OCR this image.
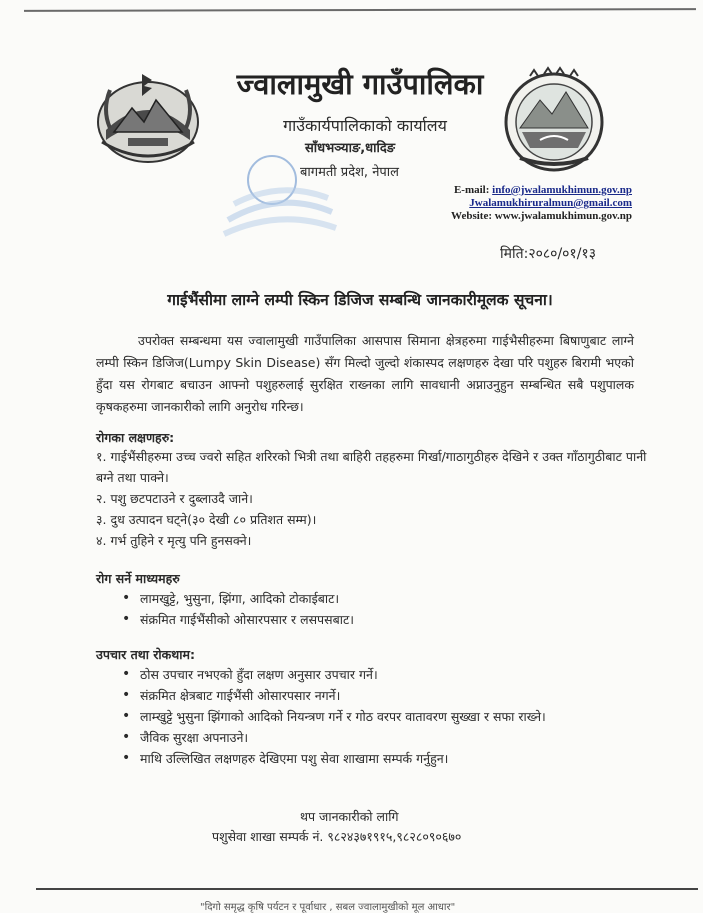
ज्वालामुखी गाउँपालिका
गाउँकार्यपालिकाको कार्यालय
साँधभञ्याङ,धादिङ
बागमती प्रदेश, नेपाल
E-mail: info@jwalamukhimun.gov.np
Jwalamukhiruralmun@gmail.com
Website: www.jwalamukhimun.gov.np
मिति:२०८०/०१/१३
गाईभैंसीमा लाग्ने लम्पी स्किन डिजिज सम्बन्धि जानकारीमूलक सूचना।
उपरोक्त सम्बन्धमा यस ज्वालामुखी गाउँपालिका आसपास सिमाना क्षेत्रहरुमा गाईभैसीहरुमा बिषाणुबाट लाग्ने लम्पी स्किन डिजिज(Lumpy Skin Disease) सँग मिल्दो जुल्दो शंकास्पद लक्षणहरु देखा परि पशुहरु बिरामी भएको हुँदा यस रोगबाट बचाउन आफ्नो पशुहरुलाई सुरक्षित राख्नका लागि सावधानी अप्नाउनुहुन सम्बन्धित सबै पशुपालक कृषकहरुमा जानकारीको लागि अनुरोध गरिन्छ।
रोगका लक्षणहरु:
१. गाईभैंसीहरुमा उच्च ज्वरो सहित शरिरको भित्री तथा बाहिरी तहहरुमा गिर्खा/गाठागुठीहरु देखिने र उक्त गाँठागुठीबाट पानी बग्ने तथा पाक्ने।
२. पशु छटपटाउने र दुब्लाउदै जाने।
३. दुध उत्पादन घट्ने(३० देखी ८० प्रतिशत सम्म)।
४. गर्भ तुहिने र मृत्यु पनि हुनसक्ने।
रोग सर्ने माध्यमहरु
• लामखुट्टे, भुसुना, झिंगा, आदिको टोकाईबाट।
• संक्रमित गाईभैंसीको ओसारपसार र लसपसबाट।
उपचार तथा रोकथाम:
• ठोस उपचार नभएको हुँदा लक्षण अनुसार उपचार गर्ने।
• संक्रमित क्षेत्रबाट गाईभैंसी ओसारपसार नगर्ने।
• लाम्खुट्टे भुसुना झिंगाको आदिको नियन्त्रण गर्ने र गोठ वरपर वातावरण सुख्खा र सफा राख्ने।
• जैविक सुरक्षा अपनाउने।
• माथि उल्लिखित लक्षणहरु देखिएमा पशु सेवा शाखामा सम्पर्क गर्नुहुन।
थप जानकारीको लागि
पशुसेवा शाखा सम्पर्क नं. ९८२४३७१९१५,९८२८०९०६७०
"दिगो समृद्ध कृषि पर्यटन र पूर्वाधार , सबल ज्वालामुखीको मूल आधार"
